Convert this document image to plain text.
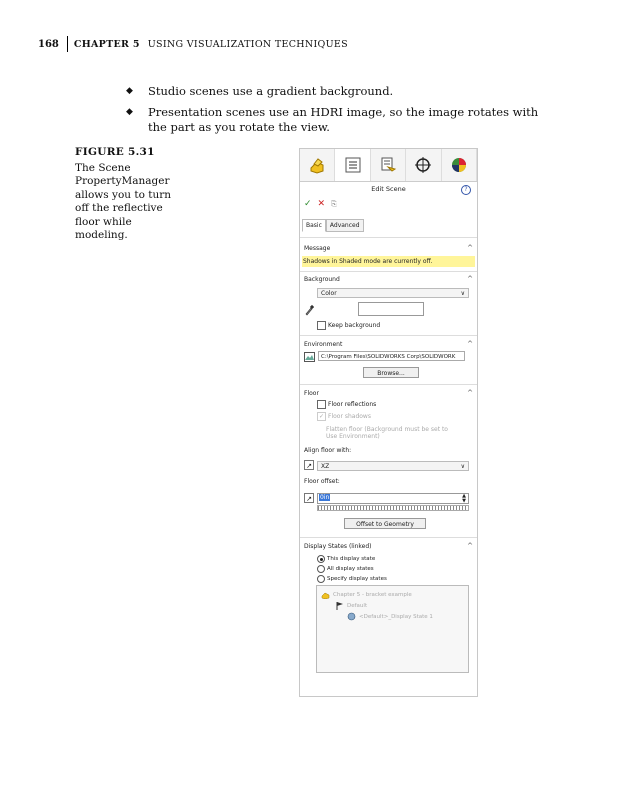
168	CHAPTER 5 USING VISUALIZATION TECHNIQUES
◆	Studio scenes use a gradient background.
◆	Presentation scenes use an HDRI image, so the image rotates with the part as you rotate the view.
FIGURE 5.31
The Scene PropertyManager allows you to turn off the reflective floor while modeling.
Edit Scene	?
✓ ✕ ⎘
Basic	Advanced
Message	^
Shadows in Shaded mode are currently off.
Background	^
Color	∨
Keep background
Environment	^
C:\Program Files\SOLIDWORKS Corp\SOLIDWORK
Browse...
Floor	^
Floor reflections
✓ Floor shadows
Flatten floor (Background must be set to Use Environment)
Align floor with:
↗	XZ	∨
Floor offset:
↗	0in	▲
▼
Offset to Geometry
Display States (linked)	^
This display state
All display states
Specify display states
Chapter 5 - bracket example
Default
<Default>_Display State 1
